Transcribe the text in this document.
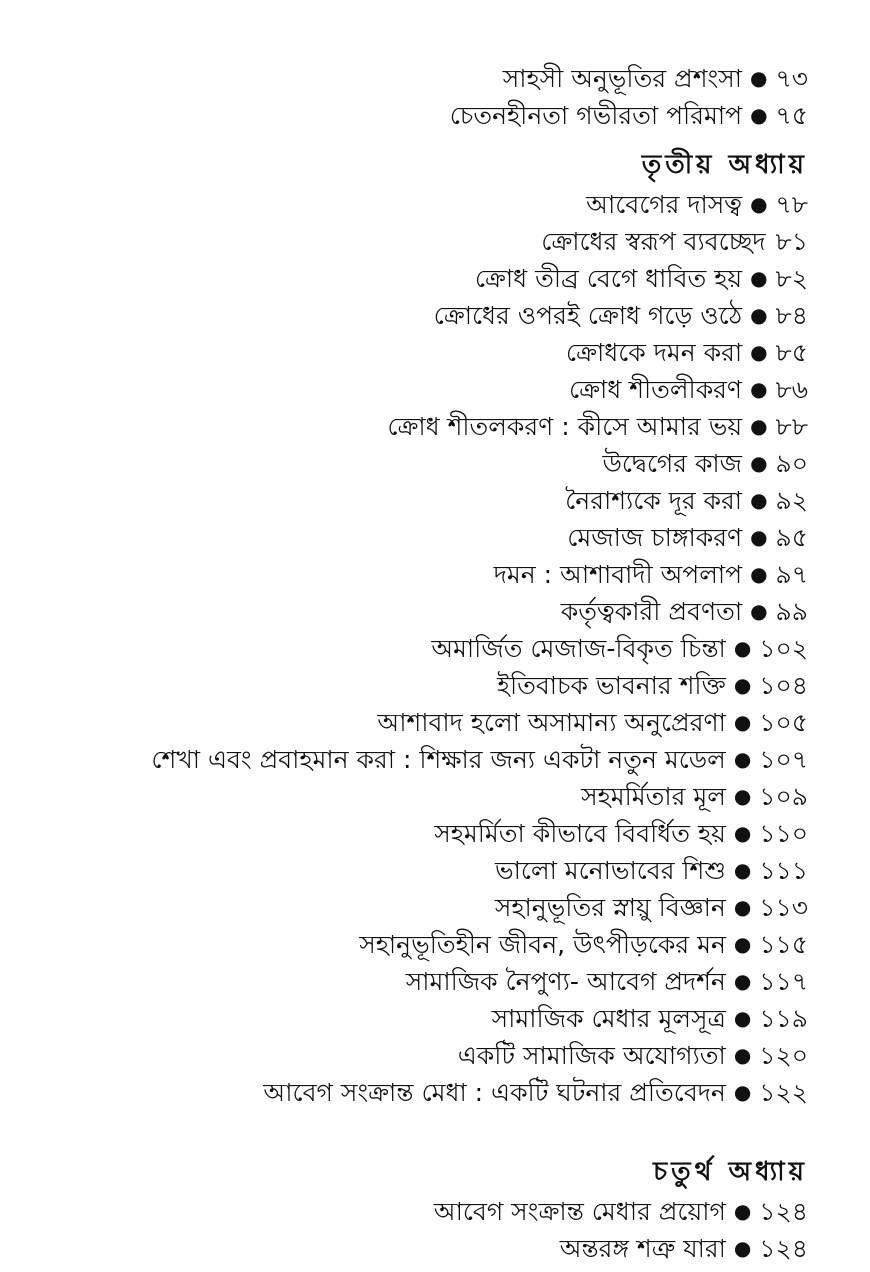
সাহসী অনুভূতির প্রশংসা ● ৭৩
চেতনহীনতা গভীরতা পরিমাপ ● ৭৫
তৃতীয় অধ্যায়
আবেগের দাসত্ব ● ৭৮
ক্রোধের স্বরূপ ব্যবচ্ছেদ ৮১
ক্রোধ তীব্র বেগে ধাবিত হয় ● ৮২
ক্রোধের ওপরই ক্রোধ গড়ে ওঠে ● ৮৪
ক্রোধকে দমন করা ● ৮৫
ক্রোধ শীতলীকরণ ● ৮৬
ক্রোধ শীতলকরণ : কীসে আমার ভয় ● ৮৮
উদ্বেগের কাজ ● ৯০
নৈরাশ্যকে দূর করা ● ৯২
মেজাজ চাঙ্গাকরণ ● ৯৫
দমন : আশাবাদী অপলাপ ● ৯৭
কর্তৃত্বকারী প্রবণতা ● ৯৯
অমার্জিত মেজাজ-বিকৃত চিন্তা ● ১০২
ইতিবাচক ভাবনার শক্তি ● ১০৪
আশাবাদ হলো অসামান্য অনুপ্রেরণা ● ১০৫
শেখা এবং প্রবাহমান করা : শিক্ষার জন্য একটা নতুন মডেল ● ১০৭
সহমর্মিতার মূল ● ১০৯
সহমর্মিতা কীভাবে বিবর্ধিত হয় ● ১১০
ভালো মনোভাবের শিশু ● ১১১
সহানুভূতির স্নায়ু বিজ্ঞান ● ১১৩
সহানুভূতিহীন জীবন, উৎপীড়কের মন ● ১১৫
সামাজিক নৈপুণ্য- আবেগ প্রদর্শন ● ১১৭
সামাজিক মেধার মূলসূত্র ● ১১৯
একটি সামাজিক অযোগ্যতা ● ১২০
আবেগ সংক্রান্ত মেধা : একটি ঘটনার প্রতিবেদন ● ১২২
চতুর্থ অধ্যায়
আবেগ সংক্রান্ত মেধার প্রয়োগ ● ১২৪
অন্তরঙ্গ শত্রু যারা ● ১২৪
